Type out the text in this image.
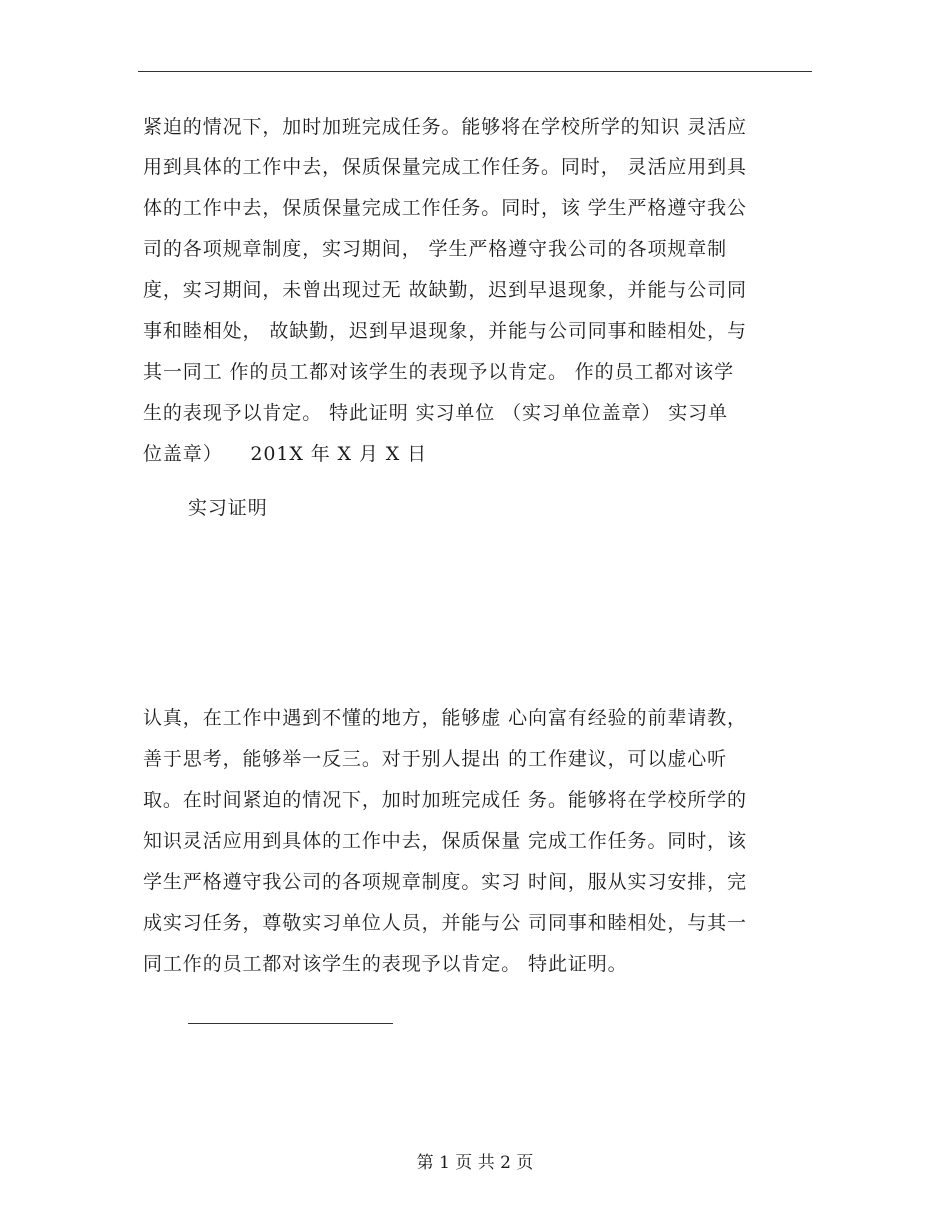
紧迫的情况下，加时加班完成任务。能够将在学校所学的知识 灵活应
用到具体的工作中去，保质保量完成工作任务。同时， 灵活应用到具
体的工作中去，保质保量完成工作任务。同时，该 学生严格遵守我公
司的各项规章制度，实习期间， 学生严格遵守我公司的各项规章制
度，实习期间，未曾出现过无 故缺勤，迟到早退现象，并能与公司同
事和睦相处， 故缺勤，迟到早退现象，并能与公司同事和睦相处，与
其一同工 作的员工都对该学生的表现予以肯定。 作的员工都对该学
生的表现予以肯定。 特此证明 实习单位 （实习单位盖章） 实习单
位盖章）    201X 年 X 月 X 日
实习证明

认真，在工作中遇到不懂的地方，能够虚 心向富有经验的前辈请教，
善于思考，能够举一反三。对于别人提出 的工作建议，可以虚心听
取。在时间紧迫的情况下，加时加班完成任 务。能够将在学校所学的
知识灵活应用到具体的工作中去，保质保量 完成工作任务。同时，该
学生严格遵守我公司的各项规章制度。实习 时间，服从实习安排，完
成实习任务，尊敬实习单位人员，并能与公 司同事和睦相处，与其一
同工作的员工都对该学生的表现予以肯定。 特此证明。

第 1 页 共 2 页
